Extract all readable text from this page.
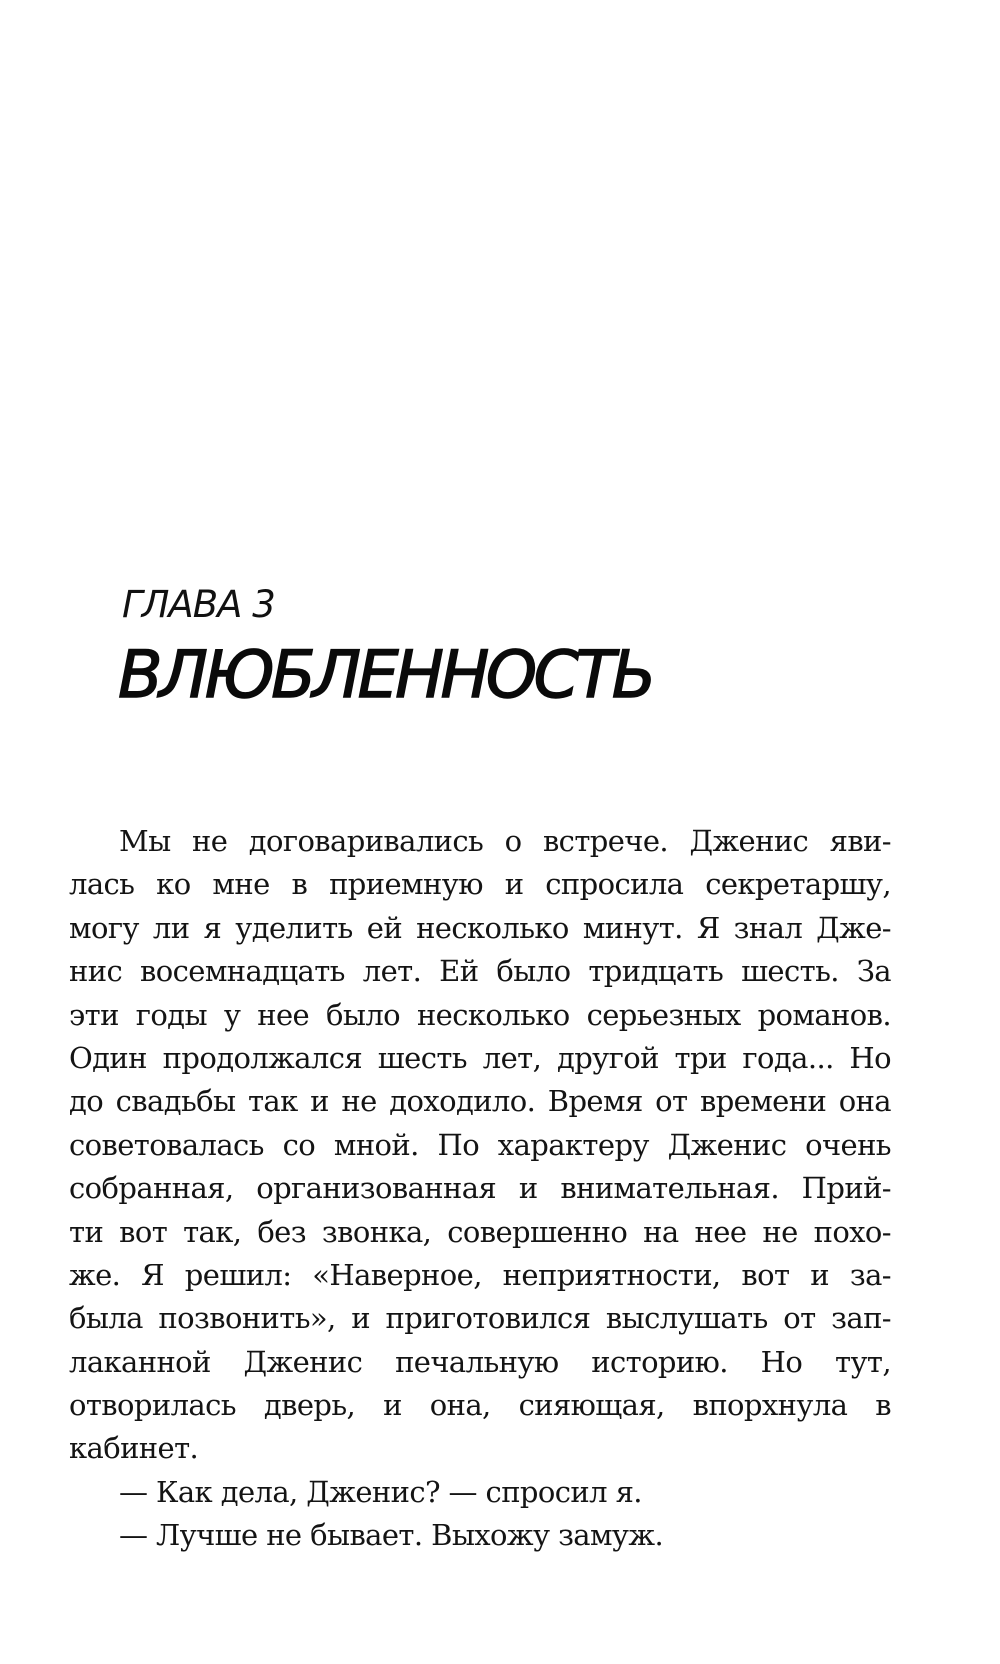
ГЛАВА 3
ВЛЮБЛЕННОСТЬ
Мы не договаривались о встрече. Дженис яви-
лась ко мне в приемную и спросила секретаршу,
могу ли я уделить ей несколько минут. Я знал Дже-
нис восемнадцать лет. Ей было тридцать шесть. За
эти годы у нее было несколько серьезных романов.
Один продолжался шесть лет, другой три года... Но
до свадьбы так и не доходило. Время от времени она
советовалась со мной. По характеру Дженис очень
собранная, организованная и внимательная. Прий-
ти вот так, без звонка, совершенно на нее не похо-
же. Я решил: «Наверное, неприятности, вот и за-
была позвонить», и приготовился выслушать от зап-
лаканной Дженис печальную историю. Но тут,
отворилась дверь, и она, сияющая, впорхнула в
кабинет.
— Как дела, Дженис? — спросил я.
— Лучше не бывает. Выхожу замуж.
